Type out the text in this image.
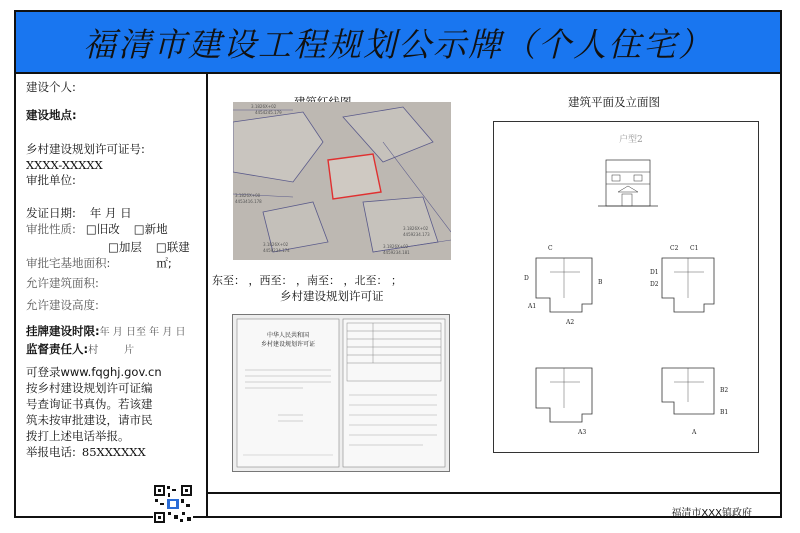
福清市建设工程规划公示牌（个人住宅）
建设个人:
建设地点:
乡村建设规划许可证号:
XXXX-XXXXX
审批单位:
发证日期: 年 月 日
审批性质: □旧改 □新地
□加层 □联建
审批宅基地面积:	㎡;
允许建筑面积:
允许建设高度:
挂牌建设时限:年 月 日至 年 月 日
监督责任人:村	片
可登录www.fqghj.gov.cn
按乡村建设规划许可证编
号查询证书真伪。若该建
筑未按审批建设，请市民
拨打上述电话举报。
举报电话: 85XXXXXX
建筑平面及立面图
3.1826X+02
4454245.179
3.1826X+00
4453416.178
3.1826X+02
4459234.173
3.1826X+02
4459234.174
3.1826X+02
4459234.181
东至： ，西至： ，南至： ，北至： ；
乡村建设规划许可证
中华人民共和国
乡村建设规划许可证
户型2
C	C2 C1
D
D1
D2
B
B1
B2
A
A1
A2
A3
福清市XXX镇政府
